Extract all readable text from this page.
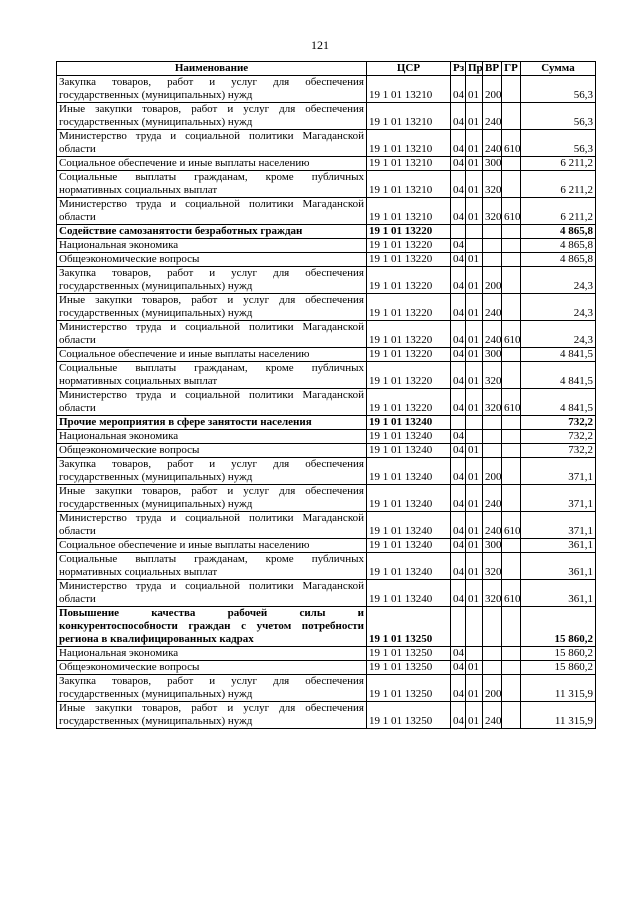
121
Наименование	ЦСР	Рз	Пр	ВР	ГР	Сумма
Закупка товаров, работ и услуг для обеспечения государственных (муниципальных) нужд	19 1 01 13210	04	01	200		56,3
Иные закупки товаров, работ и услуг для обеспечения государственных (муниципальных) нужд	19 1 01 13210	04	01	240		56,3
Министерство труда и социальной политики Магаданской области	19 1 01 13210	04	01	240	610	56,3
Социальное обеспечение и иные выплаты населению	19 1 01 13210	04	01	300		6 211,2
Социальные выплаты гражданам, кроме публичных нормативных социальных выплат	19 1 01 13210	04	01	320		6 211,2
Министерство труда и социальной политики Магаданской области	19 1 01 13210	04	01	320	610	6 211,2
Содействие самозанятости безработных граждан	19 1 01 13220					4 865,8
Национальная экономика	19 1 01 13220	04				4 865,8
Общеэкономические вопросы	19 1 01 13220	04	01			4 865,8
Закупка товаров, работ и услуг для обеспечения государственных (муниципальных) нужд	19 1 01 13220	04	01	200		24,3
Иные закупки товаров, работ и услуг для обеспечения государственных (муниципальных) нужд	19 1 01 13220	04	01	240		24,3
Министерство труда и социальной политики Магаданской области	19 1 01 13220	04	01	240	610	24,3
Социальное обеспечение и иные выплаты населению	19 1 01 13220	04	01	300		4 841,5
Социальные выплаты гражданам, кроме публичных нормативных социальных выплат	19 1 01 13220	04	01	320		4 841,5
Министерство труда и социальной политики Магаданской области	19 1 01 13220	04	01	320	610	4 841,5
Прочие мероприятия в сфере занятости населения	19 1 01 13240					732,2
Национальная экономика	19 1 01 13240	04				732,2
Общеэкономические вопросы	19 1 01 13240	04	01			732,2
Закупка товаров, работ и услуг для обеспечения государственных (муниципальных) нужд	19 1 01 13240	04	01	200		371,1
Иные закупки товаров, работ и услуг для обеспечения государственных (муниципальных) нужд	19 1 01 13240	04	01	240		371,1
Министерство труда и социальной политики Магаданской области	19 1 01 13240	04	01	240	610	371,1
Социальное обеспечение и иные выплаты населению	19 1 01 13240	04	01	300		361,1
Социальные выплаты гражданам, кроме публичных нормативных социальных выплат	19 1 01 13240	04	01	320		361,1
Министерство труда и социальной политики Магаданской области	19 1 01 13240	04	01	320	610	361,1
Повышение качества рабочей силы и конкурентоспособности граждан с учетом потребности региона в квалифицированных кадрах	19 1 01 13250					15 860,2
Национальная экономика	19 1 01 13250	04				15 860,2
Общеэкономические вопросы	19 1 01 13250	04	01			15 860,2
Закупка товаров, работ и услуг для обеспечения государственных (муниципальных) нужд	19 1 01 13250	04	01	200		11 315,9
Иные закупки товаров, работ и услуг для обеспечения государственных (муниципальных) нужд	19 1 01 13250	04	01	240		11 315,9
